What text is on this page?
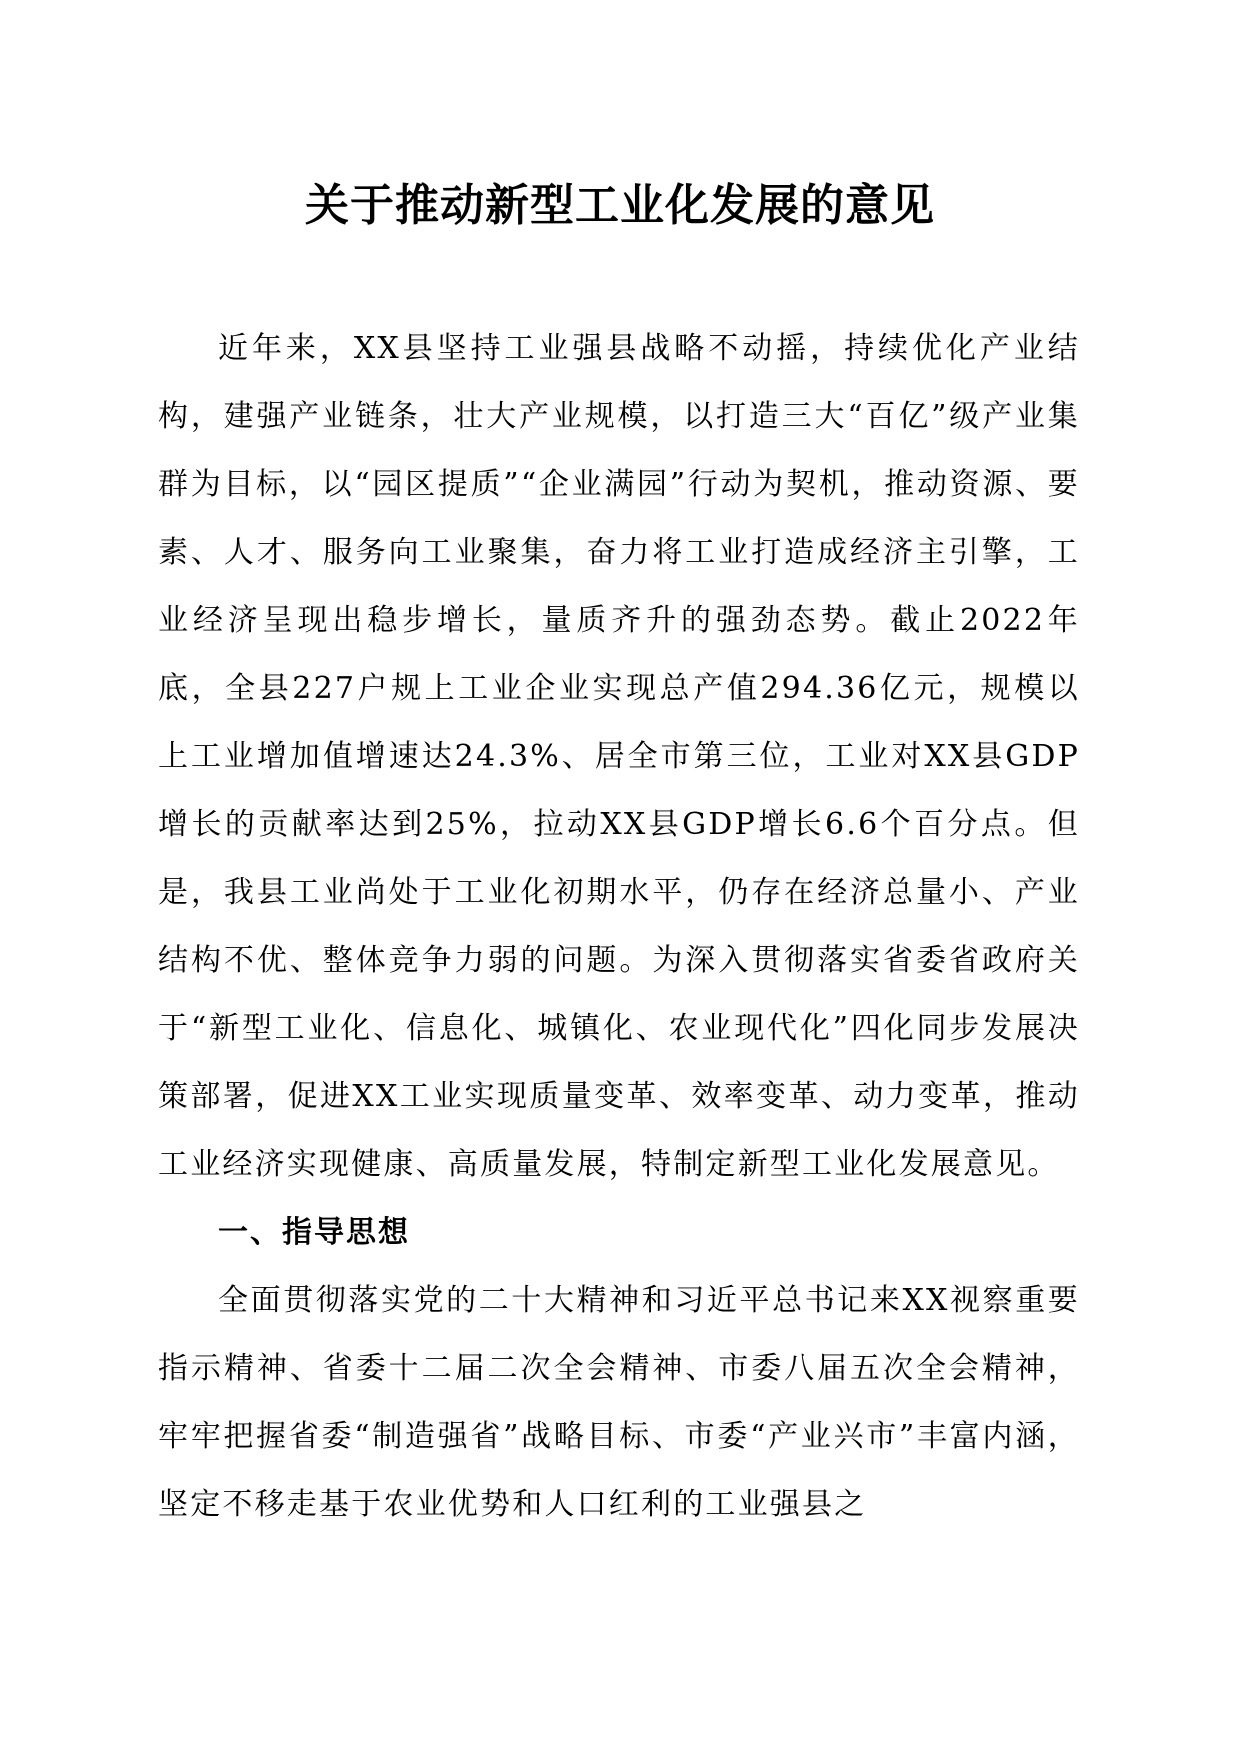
关于推动新型工业化发展的意见

近年来，XX县坚持工业强县战略不动摇，持续优化产业结构，建强产业链条，壮大产业规模，以打造三大“百亿”级产业集群为目标，以“园区提质”“企业满园”行动为契机，推动资源、要素、人才、服务向工业聚集，奋力将工业打造成经济主引擎，工业经济呈现出稳步增长，量质齐升的强劲态势。截止2022年底，全县227户规上工业企业实现总产值294.36亿元，规模以上工业增加值增速达24.3%、居全市第三位，工业对XX县GDP增长的贡献率达到25%，拉动XX县GDP增长6.6个百分点。但是，我县工业尚处于工业化初期水平，仍存在经济总量小、产业结构不优、整体竞争力弱的问题。为深入贯彻落实省委省政府关于“新型工业化、信息化、城镇化、农业现代化”四化同步发展决策部署，促进XX工业实现质量变革、效率变革、动力变革，推动工业经济实现健康、高质量发展，特制定新型工业化发展意见。

一、指导思想

全面贯彻落实党的二十大精神和习近平总书记来XX视察重要指示精神、省委十二届二次全会精神、市委八届五次全会精神，牢牢把握省委“制造强省”战略目标、市委“产业兴市”丰富内涵，坚定不移走基于农业优势和人口红利的工业强县之
